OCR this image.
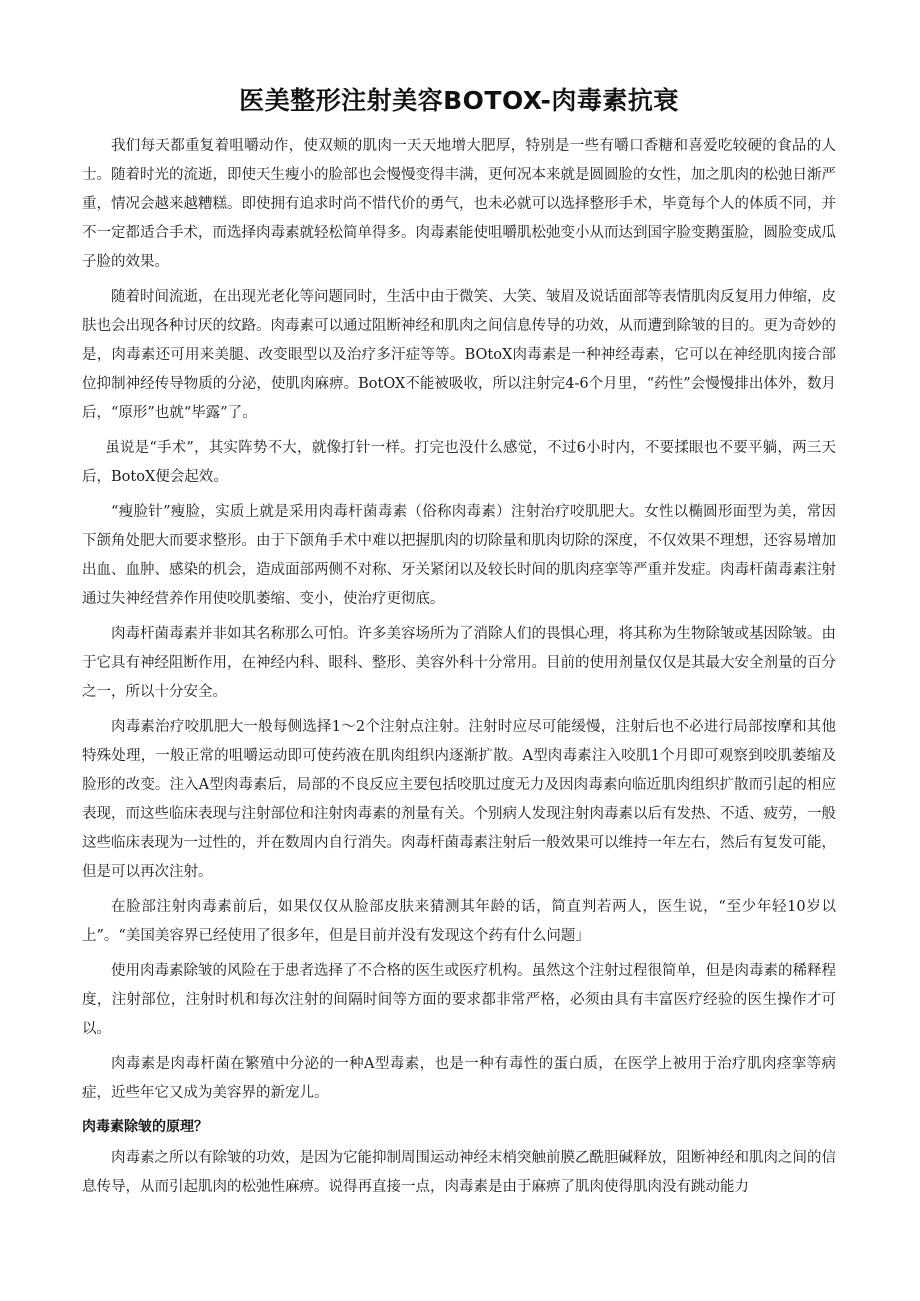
医美整形注射美容BOTOX-肉毒素抗衰

我们每天都重复着咀嚼动作，使双颊的肌肉一天天地增大肥厚，特别是一些有嚼口香糖和喜爱吃较硬的食品的人士。随着时光的流逝，即使天生瘦小的脸部也会慢慢变得丰满，更何况本来就是圆圆脸的女性，加之肌肉的松弛日渐严重，情况会越来越糟糕。即使拥有追求时尚不惜代价的勇气，也未必就可以选择整形手术，毕竟每个人的体质不同，并不一定都适合手术，而选择肉毒素就轻松简单得多。肉毒素能使咀嚼肌松弛变小从而达到国字脸变鹅蛋脸，圆脸变成瓜子脸的效果。

随着时间流逝，在出现光老化等问题同时，生活中由于微笑、大笑、皱眉及说话面部等表情肌肉反复用力伸缩，皮肤也会出现各种讨厌的纹路。肉毒素可以通过阻断神经和肌肉之间信息传导的功效，从而遭到除皱的目的。更为奇妙的是，肉毒素还可用来美腿、改变眼型以及治疗多汗症等等。BOtoX肉毒素是一种神经毒素，它可以在神经肌肉接合部位抑制神经传导物质的分泌，使肌肉麻痹。BotOX不能被吸收，所以注射完4-6个月里，“药性”会慢慢排出体外，数月后，“原形”也就“毕露”了。

虽说是“手术”，其实阵势不大，就像打针一样。打完也没什么感觉，不过6小时内，不要揉眼也不要平躺，两三天后，BotoX便会起效。

“瘦脸针”瘦脸，实质上就是采用肉毒杆菌毒素（俗称肉毒素）注射治疗咬肌肥大。女性以椭圆形面型为美，常因下颌角处肥大而要求整形。由于下颌角手术中难以把握肌肉的切除量和肌肉切除的深度，不仅效果不理想，还容易增加出血、血肿、感染的机会，造成面部两侧不对称、牙关紧闭以及较长时间的肌肉痉挛等严重并发症。肉毒杆菌毒素注射通过失神经营养作用使咬肌萎缩、变小，使治疗更彻底。

肉毒杆菌毒素并非如其名称那么可怕。许多美容场所为了消除人们的畏惧心理，将其称为生物除皱或基因除皱。由于它具有神经阻断作用，在神经内科、眼科、整形、美容外科十分常用。目前的使用剂量仅仅是其最大安全剂量的百分之一，所以十分安全。

肉毒素治疗咬肌肥大一般每侧选择1～2个注射点注射。注射时应尽可能缓慢，注射后也不必进行局部按摩和其他特殊处理，一般正常的咀嚼运动即可使药液在肌肉组织内逐渐扩散。A型肉毒素注入咬肌1个月即可观察到咬肌萎缩及脸形的改变。注入A型肉毒素后，局部的不良反应主要包括咬肌过度无力及因肉毒素向临近肌肉组织扩散而引起的相应表现，而这些临床表现与注射部位和注射肉毒素的剂量有关。个别病人发现注射肉毒素以后有发热、不适、疲劳，一般这些临床表现为一过性的，并在数周内自行消失。肉毒杆菌毒素注射后一般效果可以维持一年左右，然后有复发可能，但是可以再次注射。

在脸部注射肉毒素前后，如果仅仅从脸部皮肤来猜测其年龄的话，简直判若两人，医生说，“至少年轻10岁以上”。“美国美容界已经使用了很多年，但是目前并没有发现这个药有什么问题」

使用肉毒素除皱的风险在于患者选择了不合格的医生或医疗机构。虽然这个注射过程很简单，但是肉毒素的稀释程度，注射部位，注射时机和每次注射的间隔时间等方面的要求都非常严格，必须由具有丰富医疗经验的医生操作才可以。

肉毒素是肉毒杆菌在繁殖中分泌的一种A型毒素，也是一种有毒性的蛋白质，在医学上被用于治疗肌肉痉挛等病症，近些年它又成为美容界的新宠儿。

肉毒素除皱的原理？

肉毒素之所以有除皱的功效，是因为它能抑制周围运动神经末梢突触前膜乙酰胆碱释放，阻断神经和肌肉之间的信息传导，从而引起肌肉的松弛性麻痹。说得再直接一点，肉毒素是由于麻痹了肌肉使得肌肉没有跳动能力
